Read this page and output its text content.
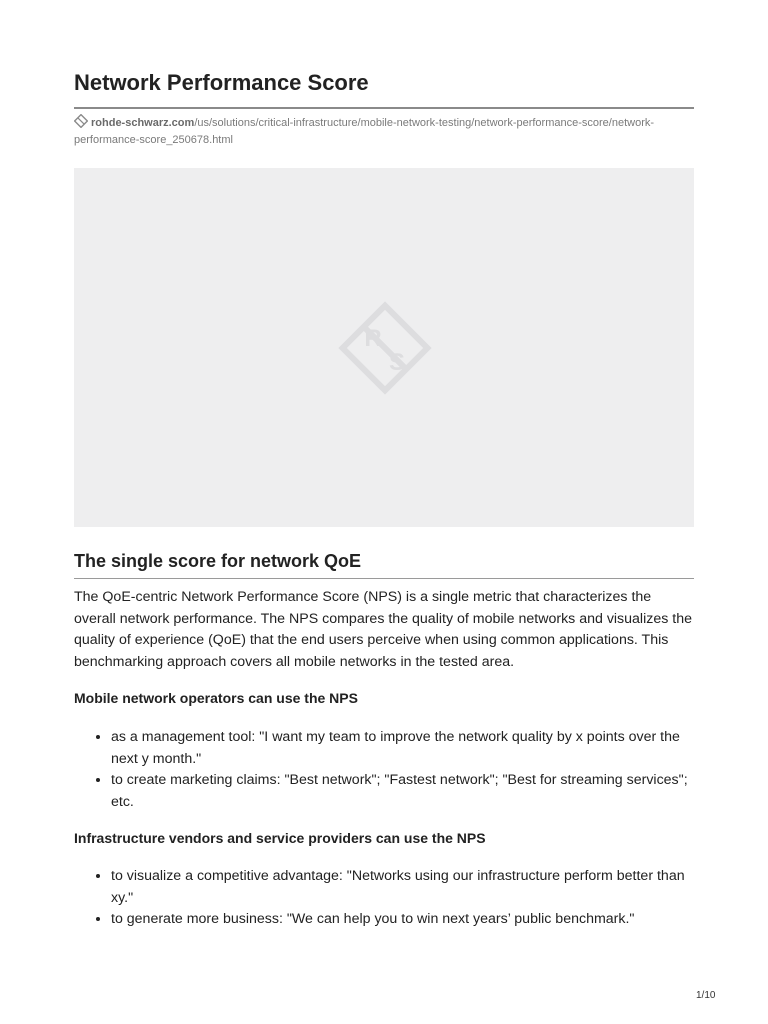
Network Performance Score
rohde-schwarz.com/us/solutions/critical-infrastructure/mobile-network-testing/network-performance-score/network-performance-score_250678.html
R
S
The single score for network QoE

The QoE-centric Network Performance Score (NPS) is a single metric that characterizes the overall network performance. The NPS compares the quality of mobile networks and visualizes the quality of experience (QoE) that the end users perceive when using common applications. This benchmarking approach covers all mobile networks in the tested area.

Mobile network operators can use the NPS
• as a management tool: "I want my team to improve the network quality by x points over the next y month."
• to create marketing claims: "Best network"; "Fastest network"; "Best for streaming services"; etc.
Infrastructure vendors and service providers can use the NPS
• to visualize a competitive advantage: "Networks using our infrastructure perform better than xy."
• to generate more business: "We can help you to win next years’ public benchmark."
1/10
